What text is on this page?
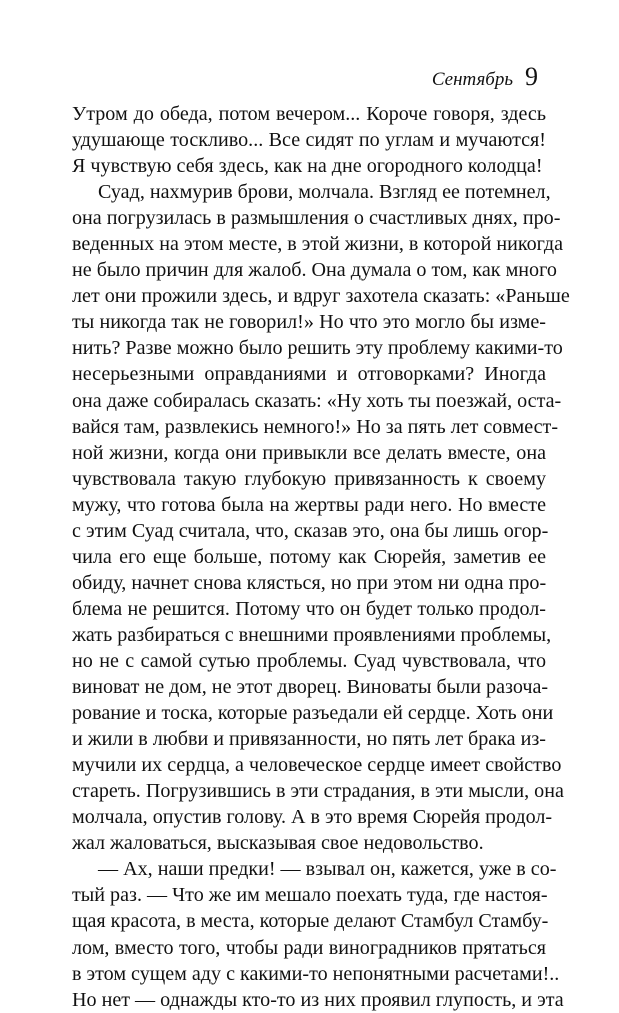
Сентябрь 9
Утром до обеда, потом вечером... Короче говоря, здесь
удушающе тоскливо... Все сидят по углам и мучаются!
Я чувствую себя здесь, как на дне огородного колодца!
Суад, нахмурив брови, молчала. Взгляд ее потемнел,
она погрузилась в размышления о счастливых днях, про-
веденных на этом месте, в этой жизни, в которой никогда
не было причин для жалоб. Она думала о том, как много
лет они прожили здесь, и вдруг захотела сказать: «Раньше
ты никогда так не говорил!» Но что это могло бы изме-
нить? Разве можно было решить эту проблему какими-то
несерьезными оправданиями и отговорками? Иногда
она даже собиралась сказать: «Ну хоть ты поезжай, оста-
вайся там, развлекись немного!» Но за пять лет совмест-
ной жизни, когда они привыкли все делать вместе, она
чувствовала такую глубокую привязанность к своему
мужу, что готова была на жертвы ради него. Но вместе
с этим Суад считала, что, сказав это, она бы лишь огор-
чила его еще больше, потому как Сюрейя, заметив ее
обиду, начнет снова клясться, но при этом ни одна про-
блема не решится. Потому что он будет только продол-
жать разбираться с внешними проявлениями проблемы,
но не с самой сутью проблемы. Суад чувствовала, что
виноват не дом, не этот дворец. Виноваты были разоча-
рование и тоска, которые разъедали ей сердце. Хоть они
и жили в любви и привязанности, но пять лет брака из-
мучили их сердца, а человеческое сердце имеет свойство
стареть. Погрузившись в эти страдания, в эти мысли, она
молчала, опустив голову. А в это время Сюрейя продол-
жал жаловаться, высказывая свое недовольство.
— Ах, наши предки! — взывал он, кажется, уже в со-
тый раз. — Что же им мешало поехать туда, где настоя-
щая красота, в места, которые делают Стамбул Стамбу-
лом, вместо того, чтобы ради виноградников прятаться
в этом сущем аду с какими-то непонятными расчетами!..
Но нет — однажды кто-то из них проявил глупость, и эта
